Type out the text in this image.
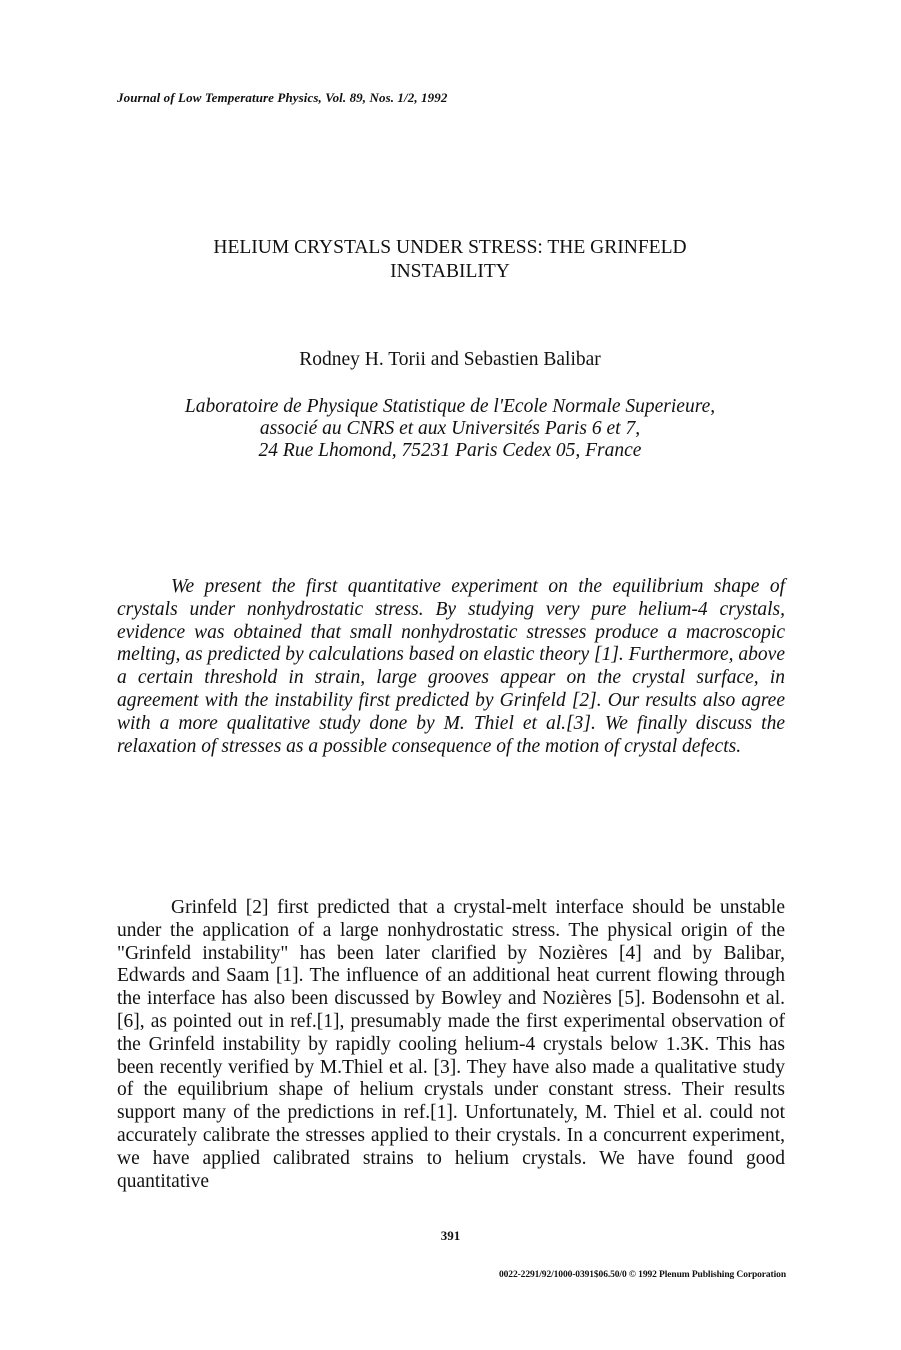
Journal of Low Temperature Physics, Vol. 89, Nos. 1/2, 1992
HELIUM CRYSTALS UNDER STRESS: THE GRINFELD
INSTABILITY
Rodney H. Torii and Sebastien Balibar
Laboratoire de Physique Statistique de l'Ecole Normale Superieure,
associé au CNRS et aux Universités Paris 6 et 7,
24 Rue Lhomond, 75231 Paris Cedex 05, France
We present the first quantitative experiment on the equilibrium shape of crystals under nonhydrostatic stress. By studying very pure helium-4 crystals, evidence was obtained that small nonhydrostatic stresses produce a macroscopic melting, as predicted by calculations based on elastic theory [1]. Furthermore, above a certain threshold in strain, large grooves appear on the crystal surface, in agreement with the instability first predicted by Grinfeld [2]. Our results also agree with a more qualitative study done by M. Thiel et al.[3]. We finally discuss the relaxation of stresses as a possible consequence of the motion of crystal defects.
Grinfeld [2] first predicted that a crystal-melt interface should be unstable under the application of a large nonhydrostatic stress. The physical origin of the "Grinfeld instability" has been later clarified by Nozières [4] and by Balibar, Edwards and Saam [1]. The influence of an additional heat current flowing through the interface has also been discussed by Bowley and Nozières [5]. Bodensohn et al. [6], as pointed out in ref.[1], presumably made the first experimental observation of the Grinfeld instability by rapidly cooling helium-4 crystals below 1.3K. This has been recently verified by M.Thiel et al. [3]. They have also made a qualitative study of the equilibrium shape of helium crystals under constant stress. Their results support many of the predictions in ref.[1]. Unfortunately, M. Thiel et al. could not accurately calibrate the stresses applied to their crystals. In a concurrent experiment, we have applied calibrated strains to helium crystals. We have found good quantitative
391
0022-2291/92/1000-0391$06.50/0 © 1992 Plenum Publishing Corporation
